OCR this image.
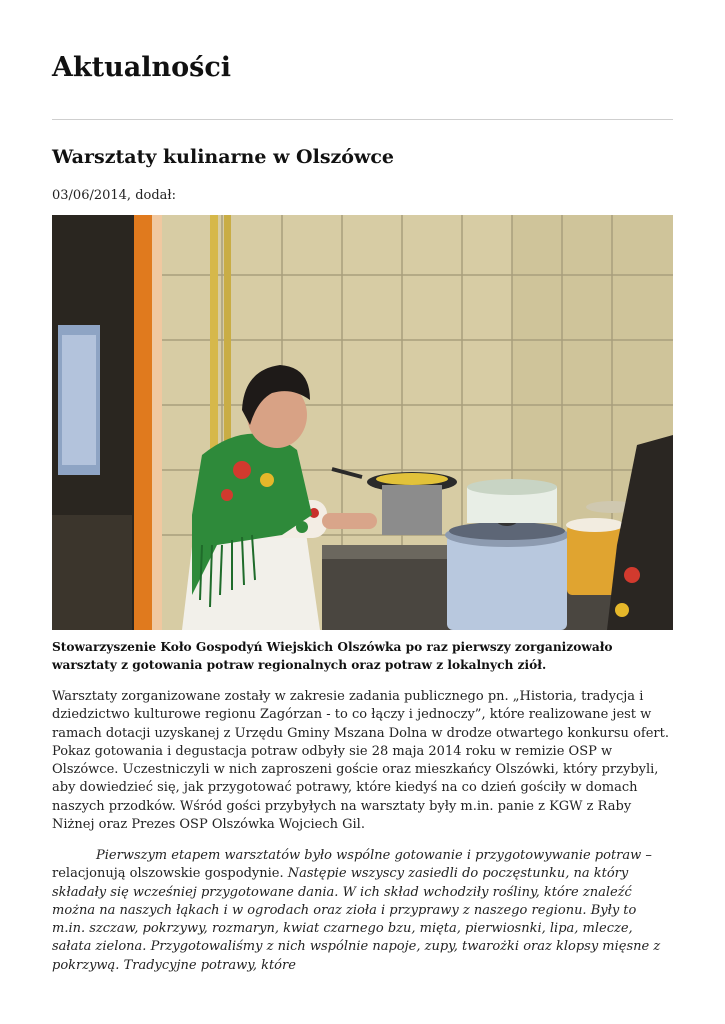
Aktualności
Warsztaty kulinarne w Olszówce
03/06/2014, dodał:

Stowarzyszenie Koło Gospodyń Wiejskich Olszówka po raz pierwszy zorganizowało warsztaty z gotowania potraw regionalnych oraz potraw z lokalnych ziół.

Warsztaty zorganizowane zostały w zakresie zadania publicznego pn. „Historia, tradycja i dziedzictwo kulturowe regionu Zagórzan - to co łączy i jednoczy”, które realizowane jest w ramach dotacji uzyskanej z Urzędu Gminy Mszana Dolna w drodze otwartego konkursu ofert. Pokaz gotowania i degustacja potraw odbyły sie 28 maja 2014 roku w remizie OSP w Olszówce. Uczestniczyli w nich zaproszeni goście oraz mieszkańcy Olszówki, który przybyli, aby dowiedzieć się, jak przygotować potrawy, które kiedyś na co dzień gościły w domach naszych przodków. Wśród gości przybyłych na warsztaty były m.in. panie z KGW z Raby Niżnej oraz Prezes OSP Olszówka Wojciech Gil.

Pierwszym etapem warsztatów było wspólne gotowanie i przygotowywanie potraw – relacjonują olszowskie gospodynie. Następie wszyscy zasiedli do poczęstunku, na który składały się wcześniej przygotowane dania. W ich skład wchodziły rośliny, które znaleźć można na naszych łąkach i w ogrodach oraz zioła i przyprawy z naszego regionu. Były to m.in. szczaw, pokrzywy, rozmaryn, kwiat czarnego bzu, mięta, pierwiosnki, lipa, mlecze, sałata zielona. Przygotowaliśmy z nich wspólnie napoje, zupy, twarożki oraz klopsy mięsne z pokrzywą. Tradycyjne potrawy, które
